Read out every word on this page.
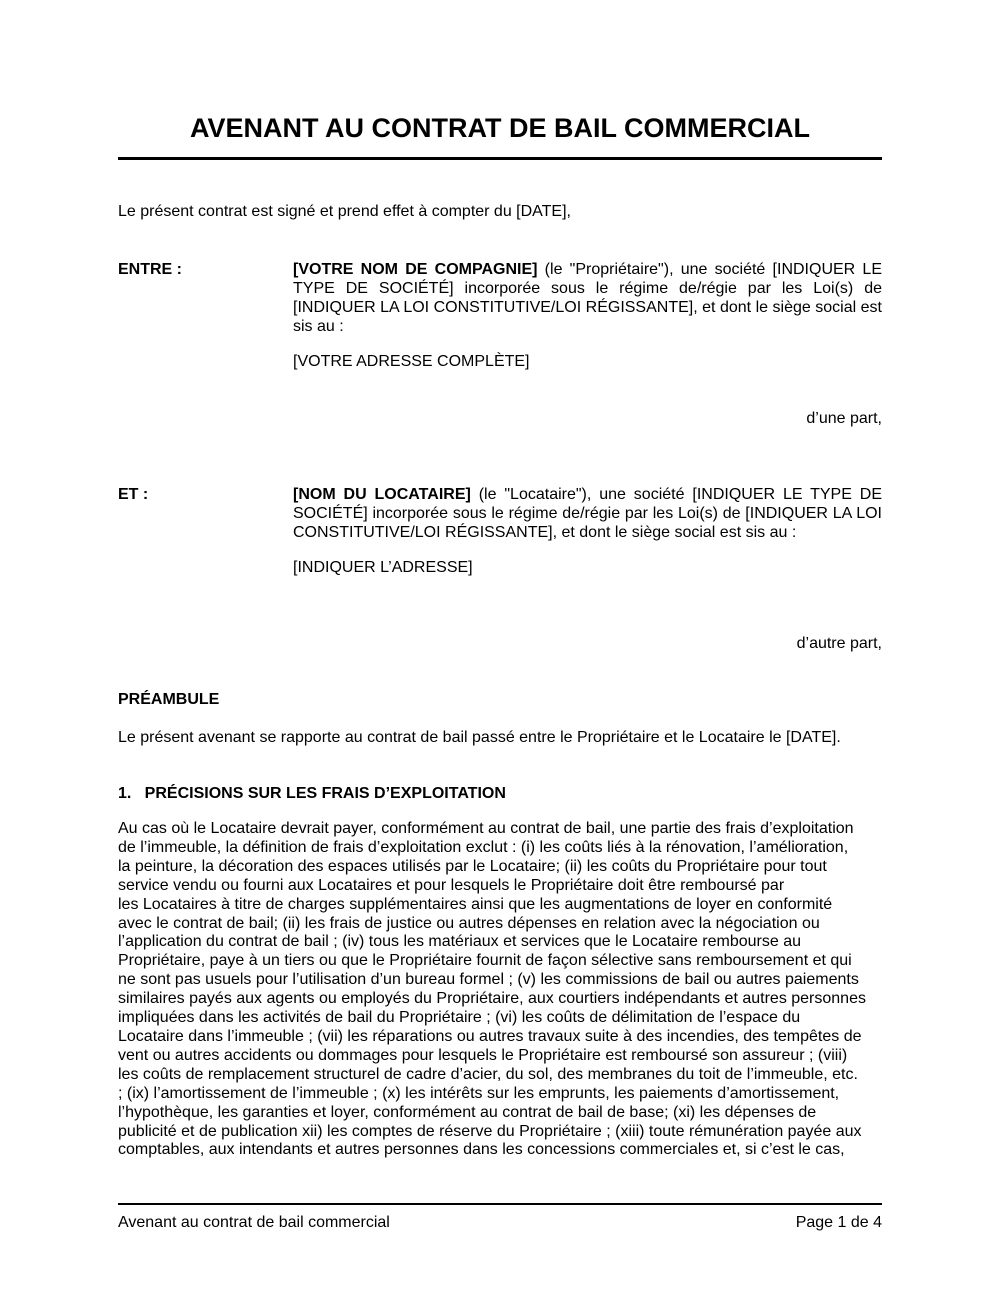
AVENANT AU CONTRAT DE BAIL COMMERCIAL
Le présent contrat est signé et prend effet à compter du [DATE],
ENTRE :	[VOTRE NOM DE COMPAGNIE] (le "Propriétaire"), une société [INDIQUER LE TYPE DE SOCIÉTÉ] incorporée sous le régime de/régie par les Loi(s) de [INDIQUER LA LOI CONSTITUTIVE/LOI RÉGISSANTE], et dont le siège social est sis au :
[VOTRE ADRESSE COMPLÈTE]
d’une part,
ET :	[NOM DU LOCATAIRE] (le "Locataire"), une société [INDIQUER LE TYPE DE SOCIÉTÉ] incorporée sous le régime de/régie par les Loi(s) de [INDIQUER LA LOI CONSTITUTIVE/LOI RÉGISSANTE], et dont le siège social est sis au :
[INDIQUER L’ADRESSE]
d’autre part,
PRÉAMBULE
Le présent avenant se rapporte au contrat de bail passé entre le Propriétaire et le Locataire le [DATE].
1.   PRÉCISIONS SUR LES FRAIS D’EXPLOITATION
Au cas où le Locataire devrait payer, conformément au contrat de bail, une partie des frais d’exploitation
de l’immeuble, la définition de frais d’exploitation exclut : (i) les coûts liés à la rénovation, l’amélioration,
la peinture, la décoration des espaces utilisés par le Locataire; (ii) les coûts du Propriétaire pour tout
service vendu ou fourni aux Locataires et pour lesquels le Propriétaire doit être remboursé par
les Locataires à titre de charges supplémentaires ainsi que les augmentations de loyer en conformité
avec le contrat de bail; (ii) les frais de justice ou autres dépenses en relation avec la négociation ou
l’application du contrat de bail ; (iv) tous les matériaux et services que le Locataire rembourse au
Propriétaire, paye à un tiers ou que le Propriétaire fournit de façon sélective sans remboursement et qui
ne sont pas usuels pour l’utilisation d’un bureau formel ; (v) les commissions de bail ou autres paiements
similaires payés aux agents ou employés du Propriétaire, aux courtiers indépendants et autres personnes
impliquées dans les activités de bail du Propriétaire ; (vi) les coûts de délimitation de l’espace du
Locataire dans l’immeuble ; (vii) les réparations ou autres travaux suite à des incendies, des tempêtes de
vent ou autres accidents ou dommages pour lesquels le Propriétaire est remboursé son assureur ; (viii)
les coûts de remplacement structurel de cadre d’acier, du sol, des membranes du toit de l’immeuble, etc.
; (ix) l’amortissement de l’immeuble ; (x) les intérêts sur les emprunts, les paiements d’amortissement,
l’hypothèque, les garanties et loyer, conformément au contrat de bail de base; (xi) les dépenses de
publicité et de publication xii) les comptes de réserve du Propriétaire ; (xiii) toute rémunération payée aux
comptables, aux intendants et autres personnes dans les concessions commerciales et, si c’est le cas,
Avenant au contrat de bail commercial	Page 1 de 4
